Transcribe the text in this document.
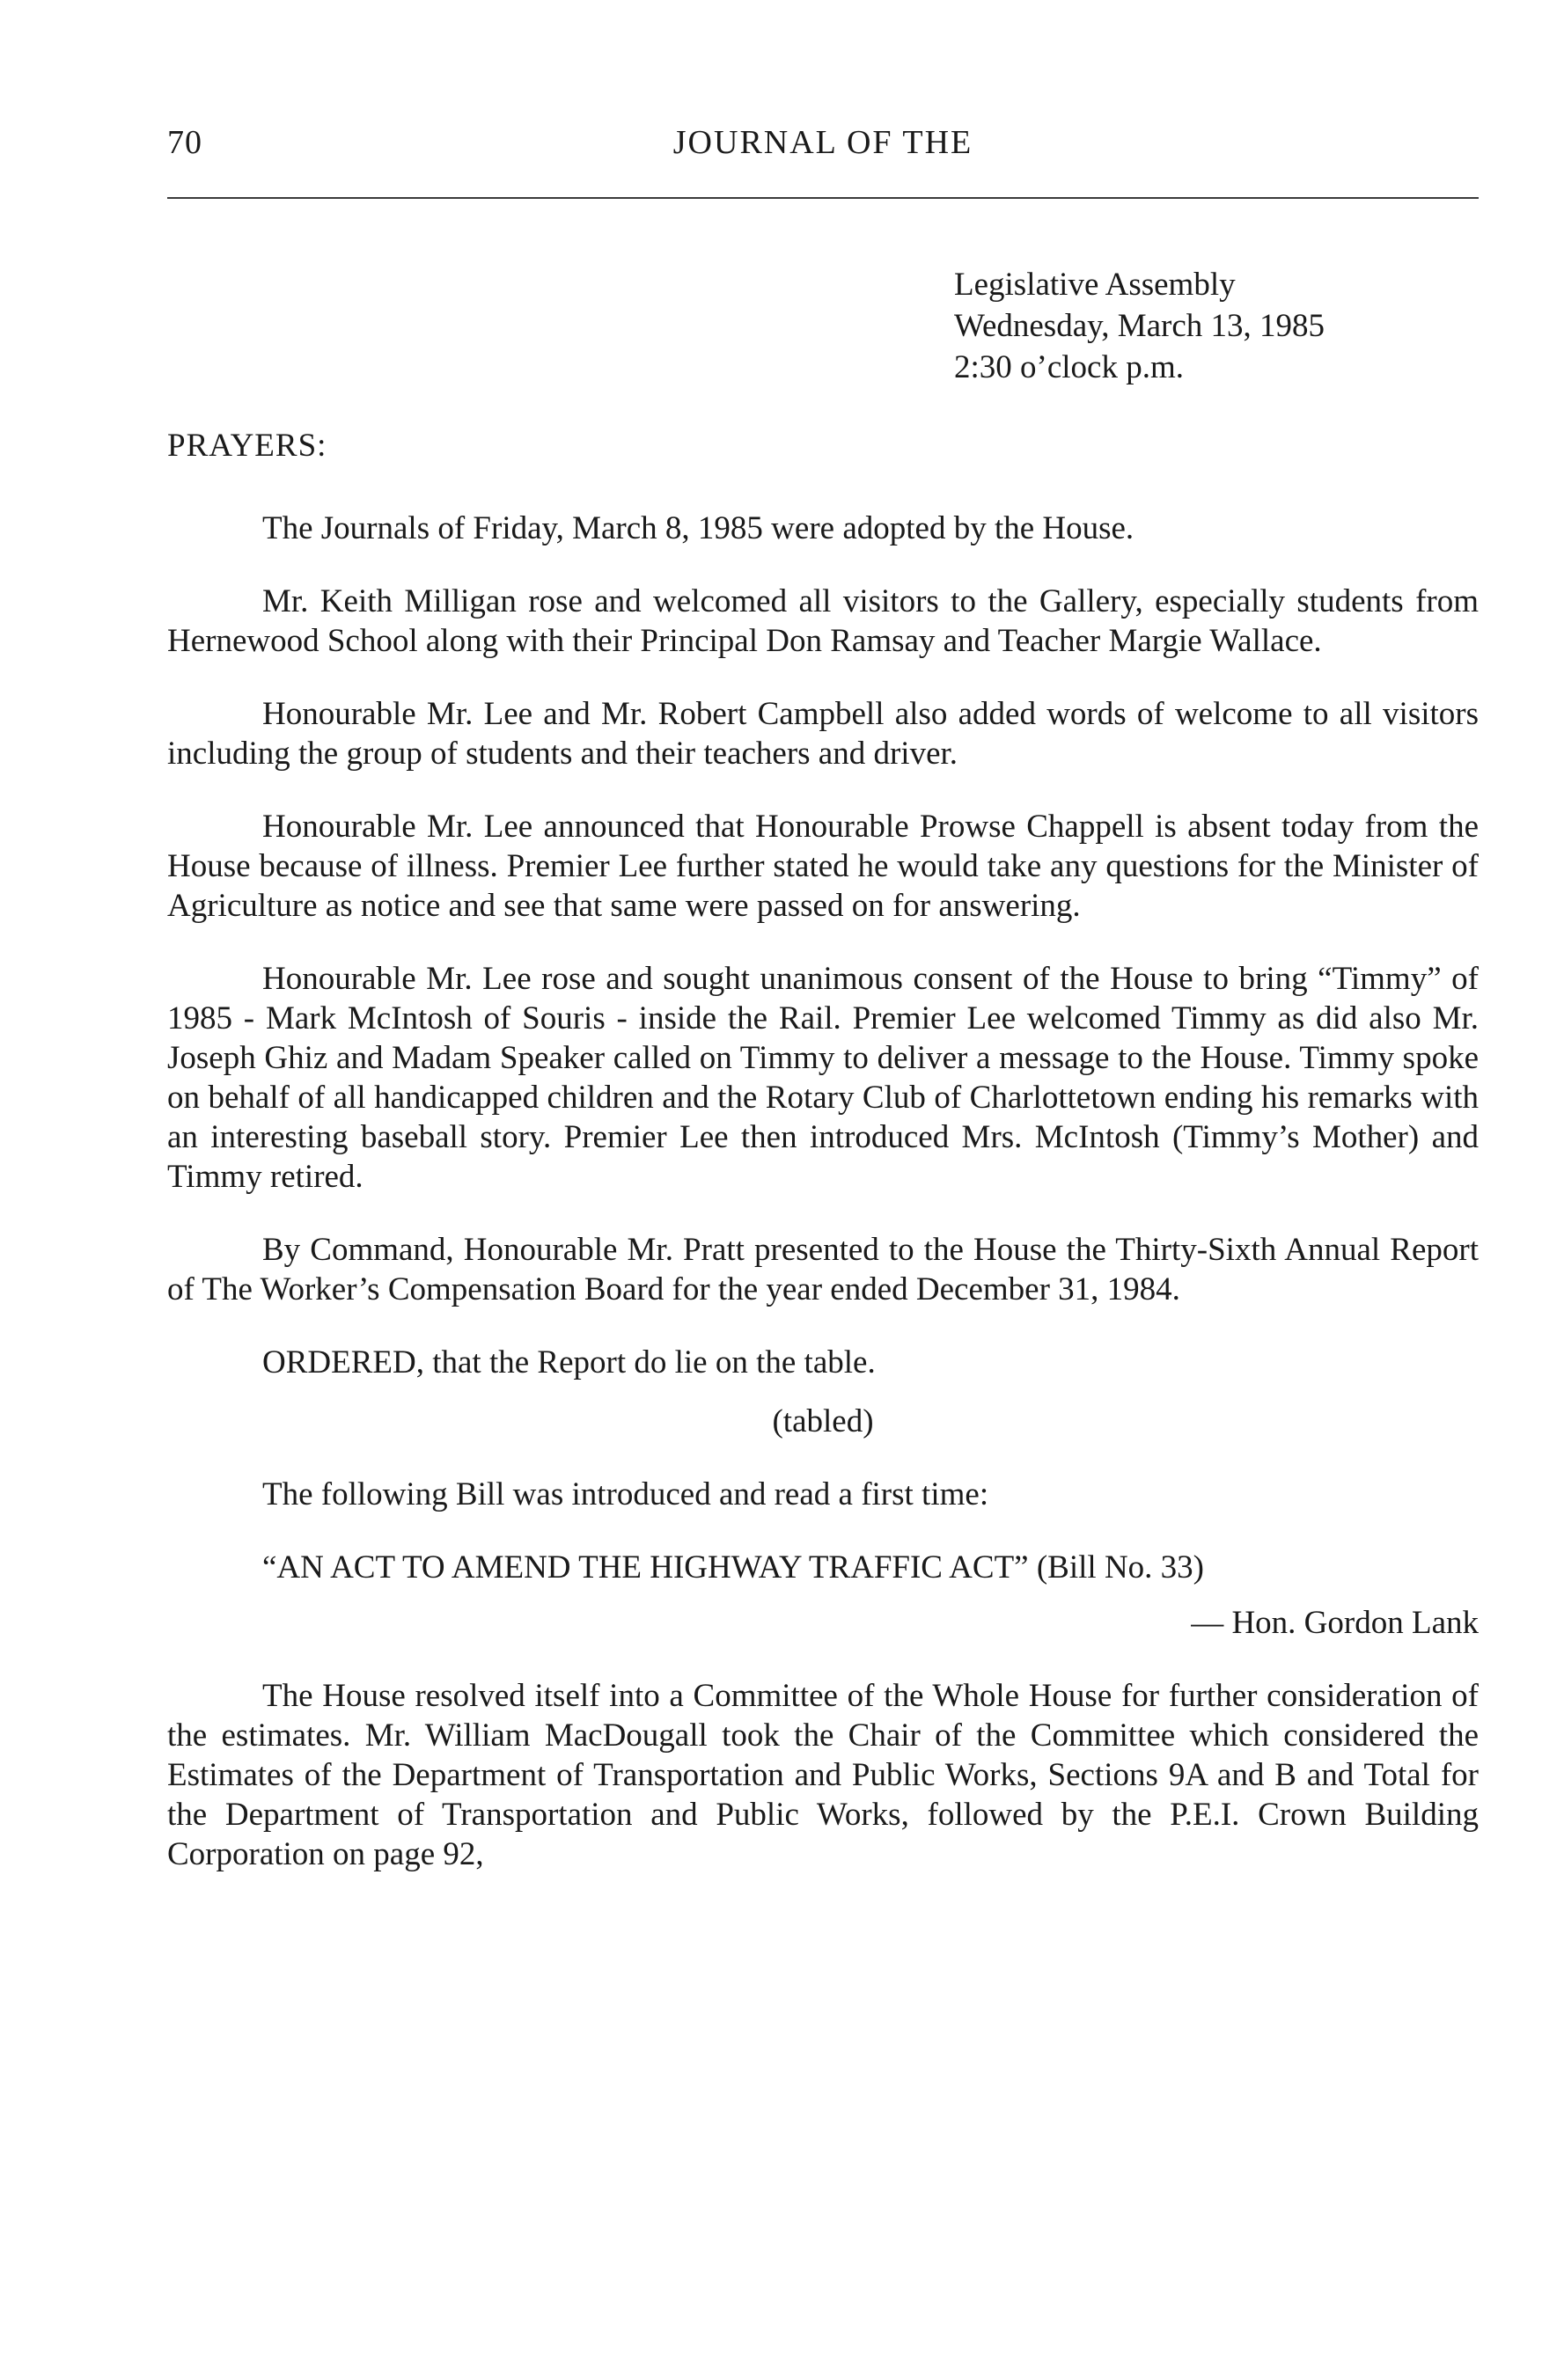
70	JOURNAL OF THE
Legislative Assembly
Wednesday, March 13, 1985
2:30 o’clock p.m.
PRAYERS:

The Journals of Friday, March 8, 1985 were adopted by the House.

Mr. Keith Milligan rose and welcomed all visitors to the Gallery, especially students from Hernewood School along with their Principal Don Ramsay and Teacher Margie Wallace.

Honourable Mr. Lee and Mr. Robert Campbell also added words of welcome to all visitors including the group of students and their teachers and driver.

Honourable Mr. Lee announced that Honourable Prowse Chappell is absent today from the House because of illness. Premier Lee further stated he would take any questions for the Minister of Agriculture as notice and see that same were passed on for answering.

Honourable Mr. Lee rose and sought unanimous consent of the House to bring “Timmy” of 1985 - Mark McIntosh of Souris - inside the Rail. Premier Lee welcomed Timmy as did also Mr. Joseph Ghiz and Madam Speaker called on Timmy to deliver a message to the House. Timmy spoke on behalf of all handicapped children and the Rotary Club of Charlottetown ending his remarks with an interesting baseball story. Premier Lee then introduced Mrs. McIntosh (Timmy’s Mother) and Timmy retired.

By Command, Honourable Mr. Pratt presented to the House the Thirty-Sixth Annual Report of The Worker’s Compensation Board for the year ended December 31, 1984.

ORDERED, that the Report do lie on the table.

(tabled)

The following Bill was introduced and read a first time:

“AN ACT TO AMEND THE HIGHWAY TRAFFIC ACT” (Bill No. 33)

— Hon. Gordon Lank

The House resolved itself into a Committee of the Whole House for further consideration of the estimates. Mr. William MacDougall took the Chair of the Committee which considered the Estimates of the Department of Transportation and Public Works, Sections 9A and B and Total for the Department of Transportation and Public Works, followed by the P.E.I. Crown Building Corporation on page 92,
